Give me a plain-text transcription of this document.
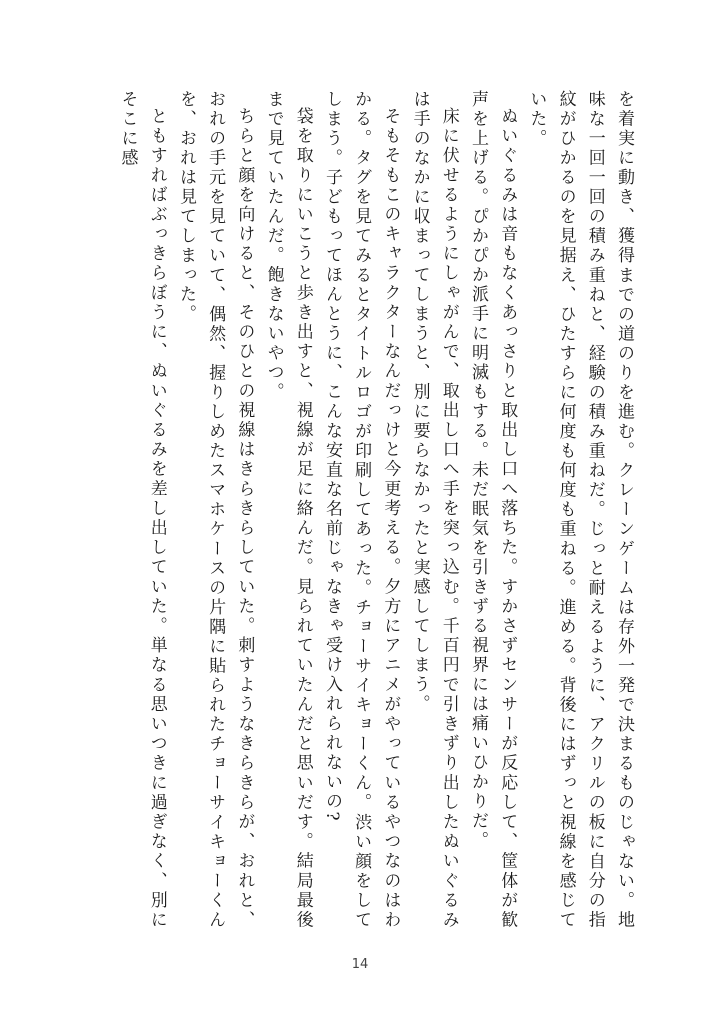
を着実に動き、獲得までの道のりを進む。クレーンゲームは存外一発で決まるものじゃない。地味な一回一回の積み重ねと、経験の積み重ねだ。じっと耐えるように、アクリルの板に自分の指紋がひかるのを見据え、ひたすらに何度も何度も重ねる。進める。背後にはずっと視線を感じていた。

ぬいぐるみは音もなくあっさりと取出し口へ落ちた。すかさずセンサーが反応して、筐体が歓声を上げる。ぴかぴか派手に明滅もする。未だ眠気を引きずる視界には痛いひかりだ。

床に伏せるようにしゃがんで、取出し口へ手を突っ込む。千百円で引きずり出したぬいぐるみは手のなかに収まってしまうと、別に要らなかったと実感してしまう。

そもそもこのキャラクターなんだっけと今更考える。夕方にアニメがやっているやつなのはわかる。タグを見てみるとタイトルロゴが印刷してあった。チョーサイキョーくん。渋い顔をしてしまう。子どもってほんとうに、こんな安直な名前じゃなきゃ受け入れられないの?

袋を取りにいこうと歩き出すと、視線が足に絡んだ。見られていたんだと思いだす。結局最後まで見ていたんだ。飽きないやつ。

ちらと顔を向けると、そのひとの視線はきらきらしていた。刺すようなきらきらが、おれと、おれの手元を見ていて、偶然、握りしめたスマホケースの片隅に貼られたチョーサイキョーくんを、おれは見てしまった。

ともすればぶっきらぼうに、ぬいぐるみを差し出していた。単なる思いつきに過ぎなく、別にそこに感

14
